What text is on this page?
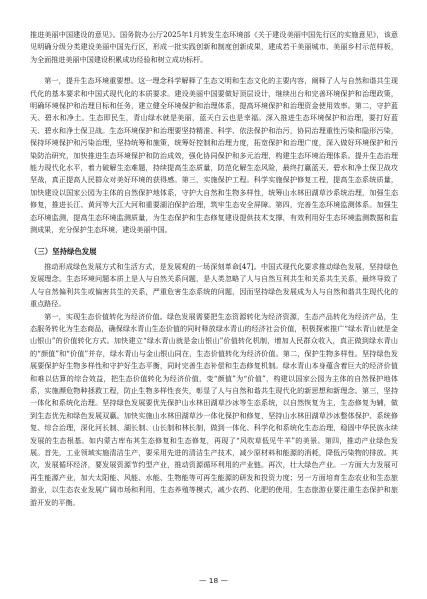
推进美丽中国建设的意见》。国务院办公厅2025年1月转发生态环境部《关于建设美丽中国先行区的实施意见》，该意见明确分级分类建设美丽中国先行区，形成一批实践创新和制度创新成果，建成若干美丽城市、美丽乡村示范样板，为全面推进美丽中国建设积累成功经验和树立成功标杆。

第一，提升生态环境重要想。这一理念科学解释了生态文明和生态文化的主要内容，阐释了人与自然和谐共生现代化的基本要求和中国式现代化的本质要求。建设美丽中国要做好顶层设计，继续出台和完善环境保护和治理政策，明确环境保护和治理目标和任务，建立健全环境保护和治理体系，提高环境保护和治理资金使用效率。第二，守护蓝天、碧水和净土。生态即民生，青山绿水就是美丽，蓝天白云也是幸福。深入推进生态环境保护和治理，要打好蓝天、碧水和净土保卫战。生态环境保护和治理要坚持精准、科学、依法保护和治污，协同治理重性污染和隐形污染，保持环境保护和污染治理，坚持统筹和施策，统筹好控制和治理力度，拓宽保护和治理广度，深入做好环境保护和污染防治研究，加快推进生态环境保护和防治成效，强化协同保护和多元治理，构建生态环境治理体系。提升生态治理能力现代化水平，着力破解生态难题，持续提高生态质量，防范化解生态风险，最终打赢蓝天、碧水和净土保卫战攻坚战，真正提高人民群众对美好环境的获得感。第三，实施保护工程。科学实施保护修复工程，提高生态系统质量，加快建设以国家公园为主体的自然保护地体系，守护大自然和生物多样性，统筹山水林田湖草沙系统治理，加强生态修复，推进长江、黄河等大江大河和重要湖泊保护治理，筑牢生态安全屏障。第四，完善生态环境监测体系。加强生态环境监测，提高生态环境监测质量，为生态保护和生态修复建设提供技术支撑，有效利用好生态环境监测数据和监测成果，充分保护生态环境，建设美丽中国。

（三）坚持绿色发展

推动形成绿色发展方式和生活方式，是发展观的一场深刻革命[47]。中国式现代化要求推动绿色发展，坚持绿色发展理念。生态环境问题本质上是人与自然关系问题，是人类忽略了人与自然互利共生和关系共生关系，最终导致了人与自然偏利共生或偏害共生的关系，严重危害生态系统的问题，因而坚持绿色发展成为人与自然和谐共生现代化的重点路径。

第一，实现生态价值转化为经济价值。绿色发展需要把生态资源转化为经济资源，生态产品转化为经济产品，生态服务转化为生态商品，确保绿水青山生态价值的同时释放绿水青山的经济社会价值，积极探索推广“绿水青山就是金山银山”的价值转化方式。加快建立“绿水青山就是金山银山”价值转化机制，增加人民群众收入，真正做到绿水青山的“颜值”和“价值”并存，绿水青山与金山银山同在，生态价值转化为经济价值。第二，保护生物多样性。坚持绿色发展要保护好生物多样性和守护好生态平衡，同时完善生态补偿和生态修复机制。绿水青山本身蕴含着巨大的经济价值和难以估算的综合效益，把生态价值转化为经济价值，变“颜值”为“价值”，构建以国家公园为主体的自然保护地体系，实施濒危物种拯救工程，防止生物多样性丧失，彰显了人与自然和谐共生现代化的新思想和新理念。第三，坚持一体化和系统化治理。坚持绿色发展要优先保护山水林田湖草沙冰等生态系统，以自然恢复为主，生态修复为辅，做到生态优先和绿色发展双赢。加快实施山水林田湖草沙一体化保护和修复，坚持山水林田湖草沙冰整体保护、系统修复、综合治理，深化河长制、湖长制、山长制和林长制，做到一体化、科学化和系统化生态治理，稳固中华民族永续发展的生态根基。如内蒙古库布其生态修复和生态修复，再现了“风吹草低见牛羊”的美景。第四，推动产业绿色发展。首先，工业领域实施清洁生产，要采用先进的清洁生产技术，减少原材料和能源的消耗，降低污染物的排放。其次，发展循环经济，要发展资源节约型产业，推动资源循环利用的产业链。再次，壮大绿色产业。一方面大力发展可再生能源产业，加大太阳能、风能、水能、生物能等可再生能源的研发和投资力度；另一方面培育生态农业和生态旅游业，以生态农业发展广阔市场和利用，生态养殖等模式，减少农药、化肥的使用，生态旅游业要注重生态保护和旅游开发的平衡。

— 18 —
